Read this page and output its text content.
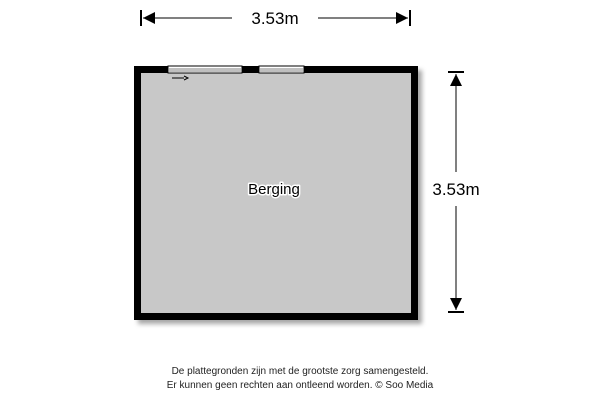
3.53m
3.53m
Berging
De plattegronden zijn met de grootste zorg samengesteld.
Er kunnen geen rechten aan ontleend worden. © Soo Media
